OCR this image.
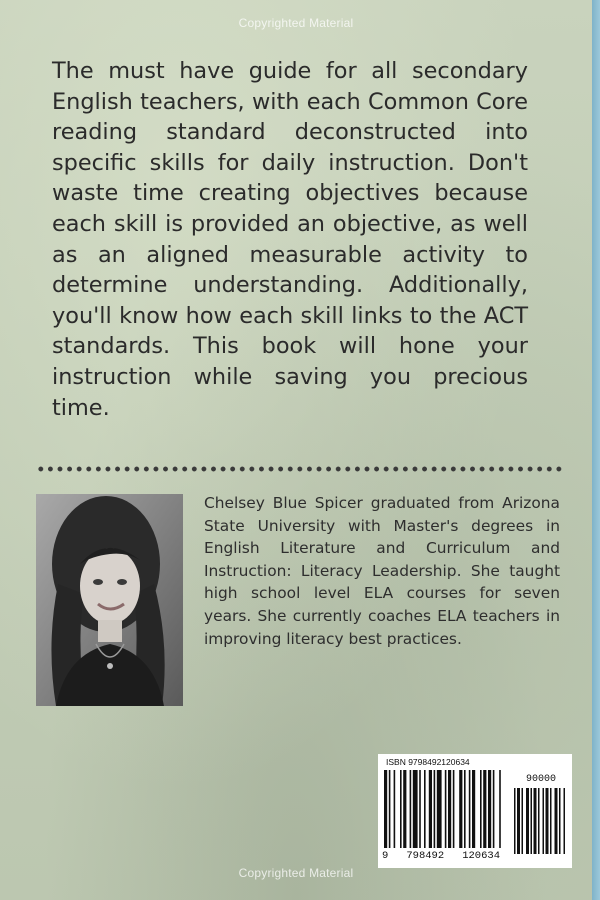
Copyrighted Material

The must have guide for all secondary English teachers, with each Common Core reading standard deconstructed into specific skills for daily instruction. Don't waste time creating objectives because each skill is provided an objective, as well as an aligned measurable activity to determine understanding. Additionally, you'll know how each skill links to the ACT standards. This book will hone your instruction while saving you precious time.

Chelsey Blue Spicer graduated from Arizona State University with Master's degrees in English Literature and Curriculum and Instruction: Literacy Leadership. She taught high school level ELA courses for seven years. She currently coaches ELA teachers in improving literacy best practices.

ISBN 9798492120634
90000
9 798492 120634
Copyrighted Material
